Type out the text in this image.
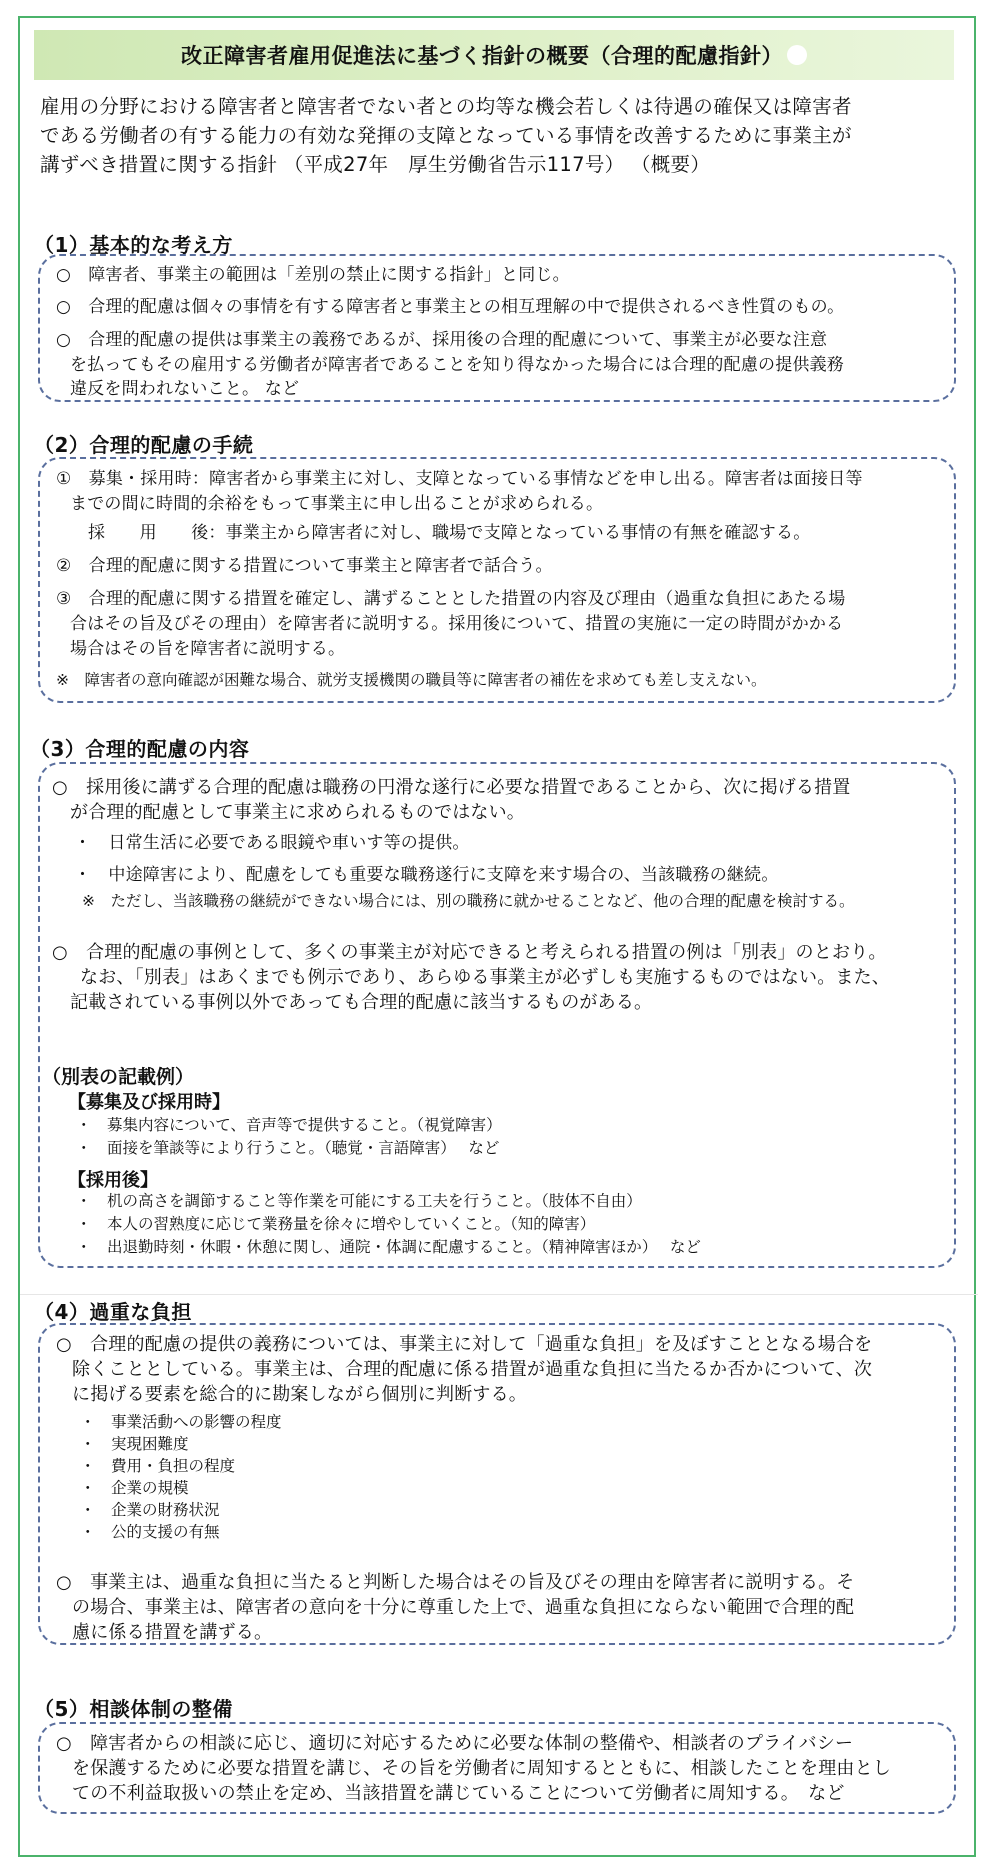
改正障害者雇用促進法に基づく指針の概要（合理的配慮指針）
雇用の分野における障害者と障害者でない者との均等な機会若しくは待遇の確保又は障害者
である労働者の有する能力の有効な発揮の支障となっている事情を改善するために事業主が
講ずべき措置に関する指針 （平成27年　厚生労働省告示117号） （概要）
（1）基本的な考え方
○　障害者、事業主の範囲は「差別の禁止に関する指針」と同じ。
○　合理的配慮は個々の事情を有する障害者と事業主との相互理解の中で提供されるべき性質のもの。
○　合理的配慮の提供は事業主の義務であるが、採用後の合理的配慮について、事業主が必要な注意
を払ってもその雇用する労働者が障害者であることを知り得なかった場合には合理的配慮の提供義務
違反を問われないこと。 など
（2）合理的配慮の手続
①　募集・採用時：障害者から事業主に対し、支障となっている事情などを申し出る。障害者は面接日等
までの間に時間的余裕をもって事業主に申し出ることが求められる。
採　　用　　後：事業主から障害者に対し、職場で支障となっている事情の有無を確認する。
②　合理的配慮に関する措置について事業主と障害者で話合う。
③　合理的配慮に関する措置を確定し、講ずることとした措置の内容及び理由（過重な負担にあたる場
合はその旨及びその理由）を障害者に説明する。採用後について、措置の実施に一定の時間がかかる
場合はその旨を障害者に説明する。
※　障害者の意向確認が困難な場合、就労支援機関の職員等に障害者の補佐を求めても差し支えない。
（3）合理的配慮の内容
○　採用後に講ずる合理的配慮は職務の円滑な遂行に必要な措置であることから、次に掲げる措置
が合理的配慮として事業主に求められるものではない。
・　日常生活に必要である眼鏡や車いす等の提供。
・　中途障害により、配慮をしても重要な職務遂行に支障を来す場合の、当該職務の継続。
※　ただし、当該職務の継続ができない場合には、別の職務に就かせることなど、他の合理的配慮を検討する。
○　合理的配慮の事例として、多くの事業主が対応できると考えられる措置の例は「別表」のとおり。
なお、「別表」はあくまでも例示であり、あらゆる事業主が必ずしも実施するものではない。また、
記載されている事例以外であっても合理的配慮に該当するものがある。
（別表の記載例）
【募集及び採用時】
・　募集内容について、音声等で提供すること。（視覚障害）
・　面接を筆談等により行うこと。（聴覚・言語障害）　 など
【採用後】
・　机の高さを調節すること等作業を可能にする工夫を行うこと。（肢体不自由）
・　本人の習熟度に応じて業務量を徐々に増やしていくこと。（知的障害）
・　出退勤時刻・休暇・休憩に関し、通院・体調に配慮すること。（精神障害ほか）　 など
（4）過重な負担
○　合理的配慮の提供の義務については、事業主に対して「過重な負担」を及ぼすこととなる場合を
除くこととしている。事業主は、合理的配慮に係る措置が過重な負担に当たるか否かについて、次
に掲げる要素を総合的に勘案しながら個別に判断する。
・　事業活動への影響の程度
・　実現困難度
・　費用・負担の程度
・　企業の規模
・　企業の財務状況
・　公的支援の有無
○　事業主は、過重な負担に当たると判断した場合はその旨及びその理由を障害者に説明する。そ
の場合、事業主は、障害者の意向を十分に尊重した上で、過重な負担にならない範囲で合理的配
慮に係る措置を講ずる。
（5）相談体制の整備
○　障害者からの相談に応じ、適切に対応するために必要な体制の整備や、相談者のプライバシー
を保護するために必要な措置を講じ、その旨を労働者に周知するとともに、相談したことを理由とし
ての不利益取扱いの禁止を定め、当該措置を講じていることについて労働者に周知する。　など
